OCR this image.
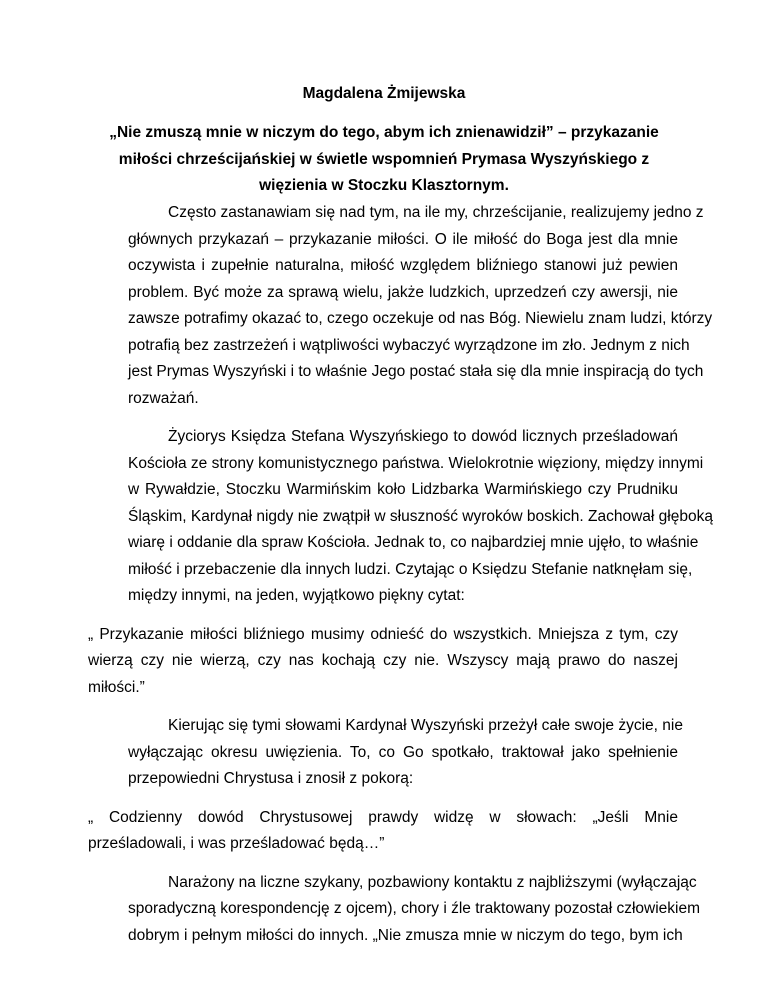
Magdalena Żmijewska
„Nie zmuszą mnie w niczym do tego, abym ich znienawidził” – przykazanie
miłości chrześcijańskiej w świetle wspomnień Prymasa Wyszyńskiego z
więzienia w Stoczku Klasztornym.
Często zastanawiam się nad tym, na ile my, chrześcijanie, realizujemy jedno z
głównych przykazań – przykazanie miłości. O ile miłość do Boga jest dla mnie
oczywista i zupełnie naturalna, miłość względem bliźniego stanowi już pewien
problem. Być może za sprawą wielu, jakże ludzkich, uprzedzeń czy awersji, nie
zawsze potrafimy okazać to, czego oczekuje od nas Bóg. Niewielu znam ludzi, którzy
potrafią bez zastrzeżeń i wątpliwości wybaczyć wyrządzone im zło. Jednym z nich
jest Prymas Wyszyński i to właśnie Jego postać stała się dla mnie inspiracją do tych
rozważań.
Życiorys Księdza Stefana Wyszyńskiego to dowód licznych prześladowań
Kościoła ze strony komunistycznego państwa. Wielokrotnie więziony, między innymi
w Rywałdzie, Stoczku Warmińskim koło Lidzbarka Warmińskiego czy Prudniku
Śląskim, Kardynał nigdy nie zwątpił w słuszność wyroków boskich. Zachował głęboką
wiarę i oddanie dla spraw Kościoła. Jednak to, co najbardziej mnie ujęło, to właśnie
miłość i przebaczenie dla innych ludzi. Czytając o Księdzu Stefanie natknęłam się,
między innymi, na jeden, wyjątkowo piękny cytat:
„ Przykazanie miłości bliźniego musimy odnieść do wszystkich. Mniejsza z tym, czy
wierzą czy nie wierzą, czy nas kochają czy nie. Wszyscy mają prawo do naszej
miłości.”
Kierując się tymi słowami Kardynał Wyszyński przeżył całe swoje życie, nie
wyłączając okresu uwięzienia. To, co Go spotkało, traktował jako spełnienie
przepowiedni Chrystusa i znosił z pokorą:
„ Codzienny dowód Chrystusowej prawdy widzę w słowach: „Jeśli Mnie
prześladowali, i was prześladować będą…”
Narażony na liczne szykany, pozbawiony kontaktu z najbliższymi (wyłączając
sporadyczną korespondencję z ojcem), chory i źle traktowany pozostał człowiekiem
dobrym i pełnym miłości do innych. „Nie zmusza mnie w niczym do tego, bym ich
